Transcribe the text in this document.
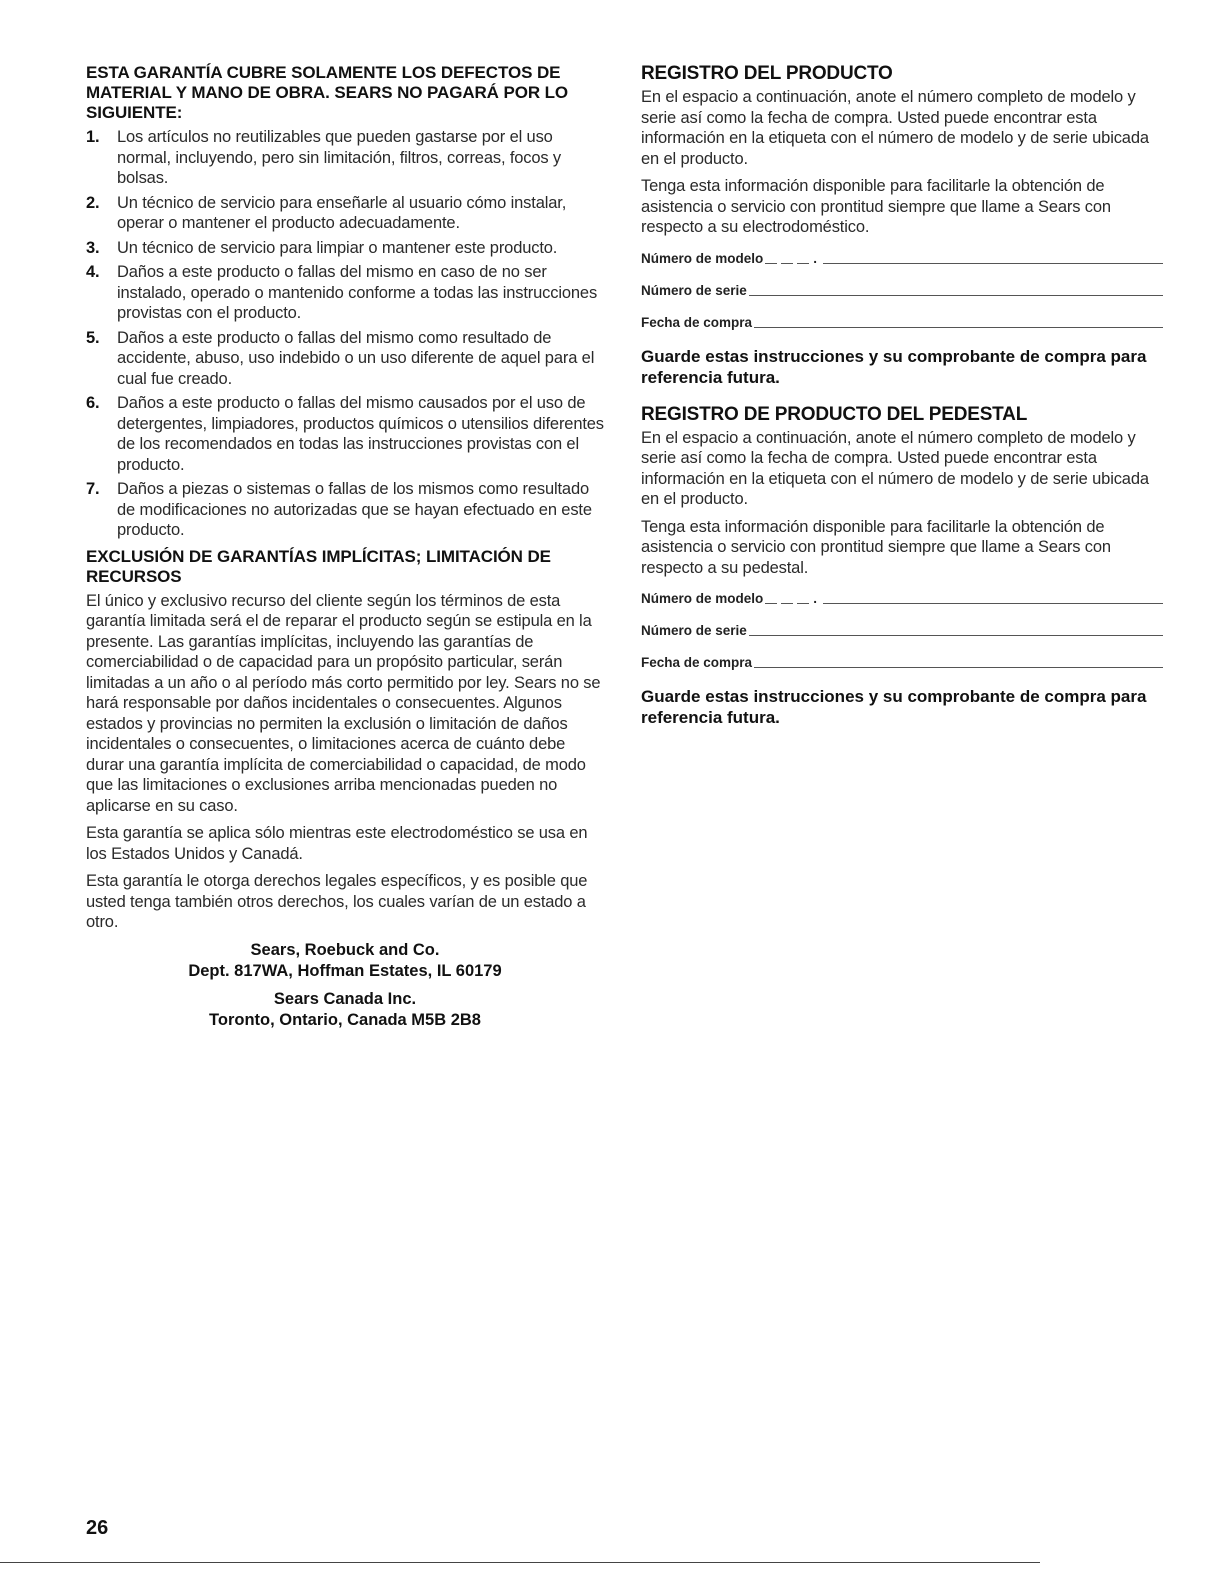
ESTA GARANTÍA CUBRE SOLAMENTE LOS DEFECTOS DE MATERIAL Y MANO DE OBRA. SEARS NO PAGARÁ POR LO SIGUIENTE:
1. Los artículos no reutilizables que pueden gastarse por el uso normal, incluyendo, pero sin limitación, filtros, correas, focos y bolsas.
2. Un técnico de servicio para enseñarle al usuario cómo instalar, operar o mantener el producto adecuadamente.
3. Un técnico de servicio para limpiar o mantener este producto.
4. Daños a este producto o fallas del mismo en caso de no ser instalado, operado o mantenido conforme a todas las instrucciones provistas con el producto.
5. Daños a este producto o fallas del mismo como resultado de accidente, abuso, uso indebido o un uso diferente de aquel para el cual fue creado.
6. Daños a este producto o fallas del mismo causados por el uso de detergentes, limpiadores, productos químicos o utensilios diferentes de los recomendados en todas las instrucciones provistas con el producto.
7. Daños a piezas o sistemas o fallas de los mismos como resultado de modificaciones no autorizadas que se hayan efectuado en este producto.
EXCLUSIÓN DE GARANTÍAS IMPLÍCITAS; LIMITACIÓN DE RECURSOS

El único y exclusivo recurso del cliente según los términos de esta garantía limitada será el de reparar el producto según se estipula en la presente. Las garantías implícitas, incluyendo las garantías de comerciabilidad o de capacidad para un propósito particular, serán limitadas a un año o al período más corto permitido por ley. Sears no se hará responsable por daños incidentales o consecuentes. Algunos estados y provincias no permiten la exclusión o limitación de daños incidentales o consecuentes, o limitaciones acerca de cuánto debe durar una garantía implícita de comerciabilidad o capacidad, de modo que las limitaciones o exclusiones arriba mencionadas pueden no aplicarse en su caso.

Esta garantía se aplica sólo mientras este electrodoméstico se usa en los Estados Unidos y Canadá.

Esta garantía le otorga derechos legales específicos, y es posible que usted tenga también otros derechos, los cuales varían de un estado a otro.

Sears, Roebuck and Co.
Dept. 817WA, Hoffman Estates, IL 60179
Sears Canada Inc.
Toronto, Ontario, Canada M5B 2B8
REGISTRO DEL PRODUCTO

En el espacio a continuación, anote el número completo de modelo y serie así como la fecha de compra. Usted puede encontrar esta información en la etiqueta con el número de modelo y de serie ubicada en el producto.

Tenga esta información disponible para facilitarle la obtención de asistencia o servicio con prontitud siempre que llame a Sears con respecto a su electrodoméstico.

Número de modelo	.
Número de serie
Fecha de compra
Guarde estas instrucciones y su comprobante de compra para referencia futura.
REGISTRO DE PRODUCTO DEL PEDESTAL

En el espacio a continuación, anote el número completo de modelo y serie así como la fecha de compra. Usted puede encontrar esta información en la etiqueta con el número de modelo y de serie ubicada en el producto.

Tenga esta información disponible para facilitarle la obtención de asistencia o servicio con prontitud siempre que llame a Sears con respecto a su pedestal.

Número de modelo	.
Número de serie
Fecha de compra
Guarde estas instrucciones y su comprobante de compra para referencia futura.
26
